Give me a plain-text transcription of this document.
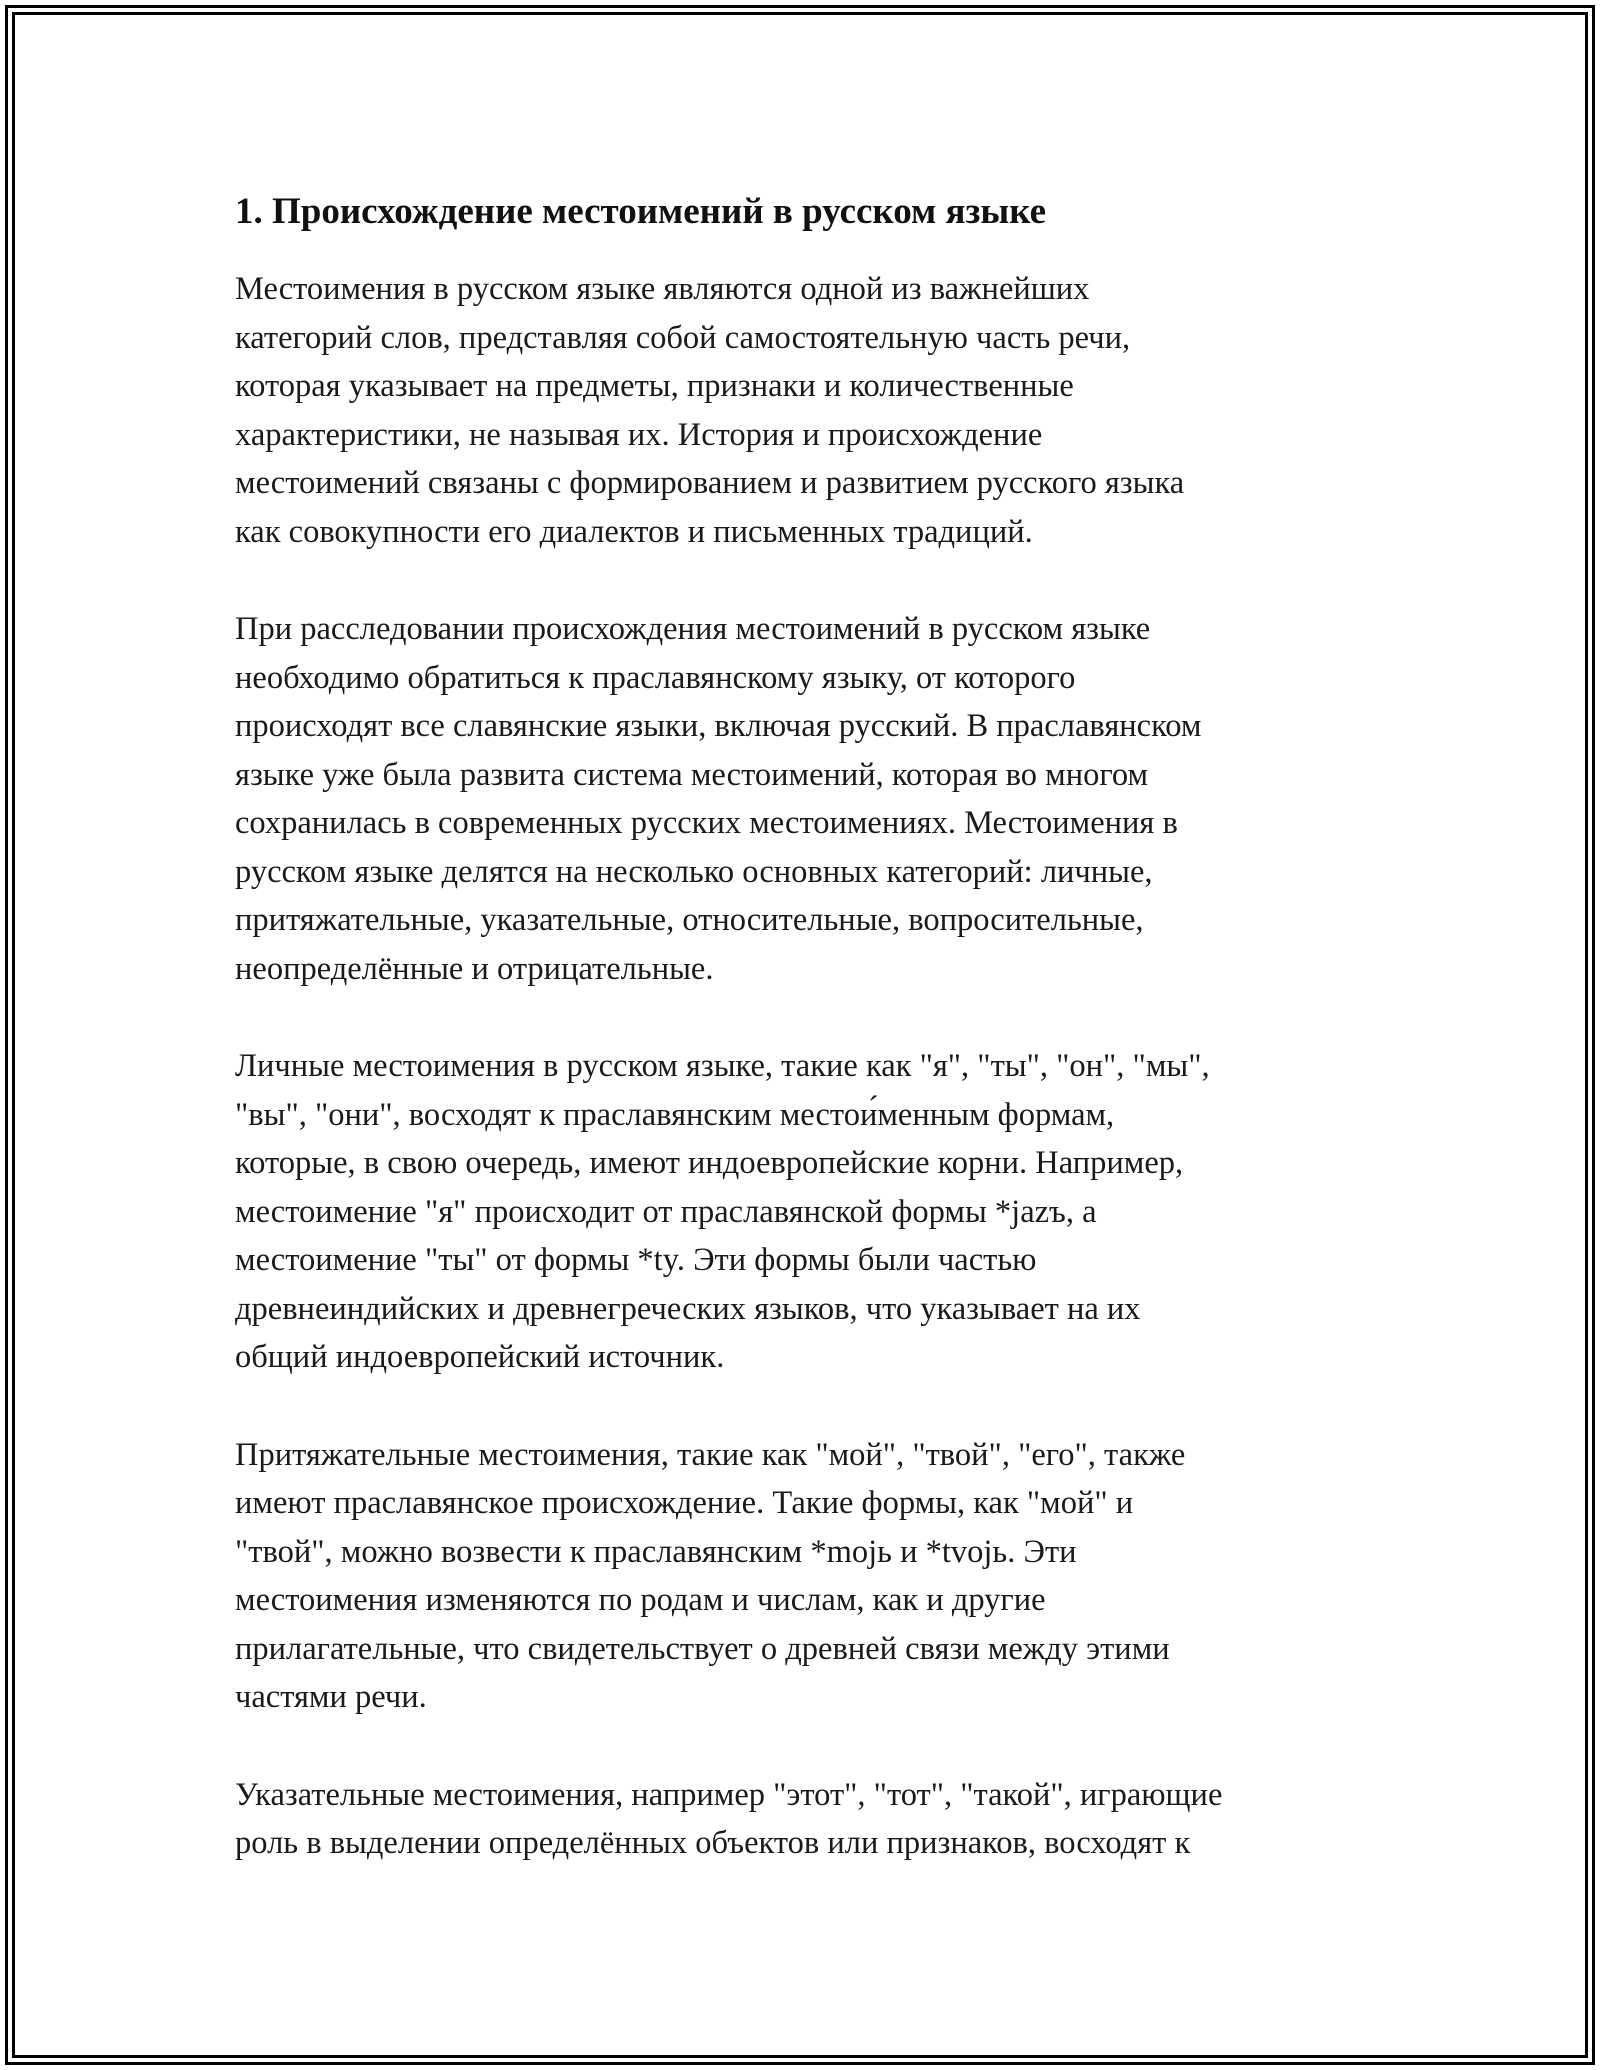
1. Происхождение местоимений в русском языке

Местоимения в русском языке являются одной из важнейших
категорий слов, представляя собой самостоятельную часть речи,
которая указывает на предметы, признаки и количественные
характеристики, не называя их. История и происхождение
местоимений связаны с формированием и развитием русского языка
как совокупности его диалектов и письменных традиций.

При расследовании происхождения местоимений в русском языке
необходимо обратиться к праславянскому языку, от которого
происходят все славянские языки, включая русский. В праславянском
языке уже была развита система местоимений, которая во многом
сохранилась в современных русских местоимениях. Местоимения в
русском языке делятся на несколько основных категорий: личные,
притяжательные, указательные, относительные, вопросительные,
неопределённые и отрицательные.

Личные местоимения в русском языке, такие как "я", "ты", "он", "мы",
"вы", "они", восходят к праславянским местои́менным формам,
которые, в свою очередь, имеют индоевропейские корни. Например,
местоимение "я" происходит от праславянской формы *jazъ, а
местоимение "ты" от формы *ty. Эти формы были частью
древнеиндийских и древнегреческих языков, что указывает на их
общий индоевропейский источник.

Притяжательные местоимения, такие как "мой", "твой", "его", также
имеют праславянское происхождение. Такие формы, как "мой" и
"твой", можно возвести к праславянским *mojь и *tvojь. Эти
местоимения изменяются по родам и числам, как и другие
прилагательные, что свидетельствует о древней связи между этими
частями речи.

Указательные местоимения, например "этот", "тот", "такой", играющие
роль в выделении определённых объектов или признаков, восходят к
